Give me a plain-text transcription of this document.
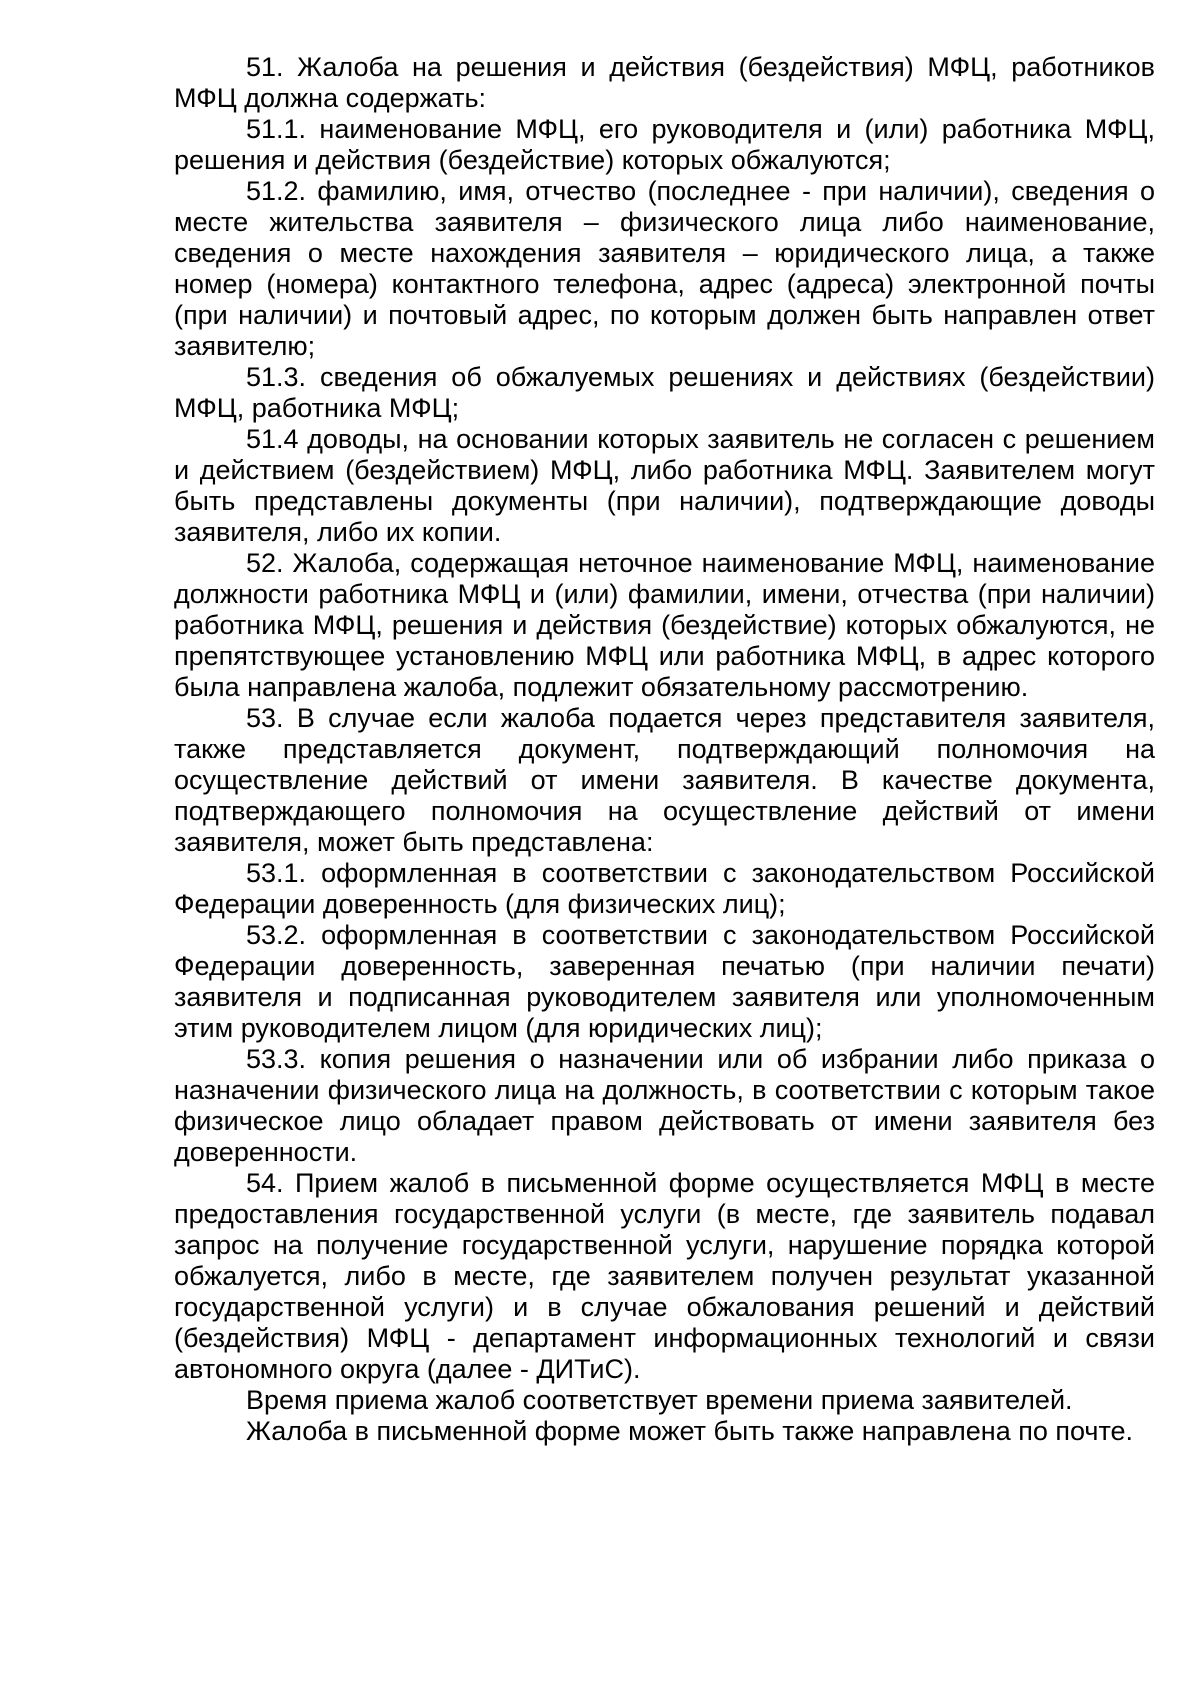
51. Жалоба на решения и действия (бездействия) МФЦ, работников МФЦ должна содержать:

51.1. наименование МФЦ, его руководителя и (или) работника МФЦ, решения и действия (бездействие) которых обжалуются;

51.2. фамилию, имя, отчество (последнее - при наличии), сведения о месте жительства заявителя – физического лица либо наименование, сведения о месте нахождения заявителя – юридического лица, а также номер (номера) контактного телефона, адрес (адреса) электронной почты (при наличии) и почтовый адрес, по которым должен быть направлен ответ заявителю;

51.3. сведения об обжалуемых решениях и действиях (бездействии) МФЦ, работника МФЦ;

51.4 доводы, на основании которых заявитель не согласен с решением и действием (бездействием) МФЦ, либо работника МФЦ. Заявителем могут быть представлены документы (при наличии), подтверждающие доводы заявителя, либо их копии.

52. Жалоба, содержащая неточное наименование МФЦ, наименование должности работника МФЦ и (или) фамилии, имени, отчества (при наличии) работника МФЦ, решения и действия (бездействие) которых обжалуются, не препятствующее установлению МФЦ или работника МФЦ, в адрес которого была направлена жалоба, подлежит обязательному рассмотрению.

53. В случае если жалоба подается через представителя заявителя, также представляется документ, подтверждающий полномочия на осуществление действий от имени заявителя. В качестве документа, подтверждающего полномочия на осуществление действий от имени заявителя, может быть представлена:

53.1. оформленная в соответствии с законодательством Российской Федерации доверенность (для физических лиц);

53.2. оформленная в соответствии с законодательством Российской Федерации доверенность, заверенная печатью (при наличии печати) заявителя и подписанная руководителем заявителя или уполномоченным этим руководителем лицом (для юридических лиц);

53.3. копия решения о назначении или об избрании либо приказа о назначении физического лица на должность, в соответствии с которым такое физическое лицо обладает правом действовать от имени заявителя без доверенности.

54. Прием жалоб в письменной форме осуществляется МФЦ в месте предоставления государственной услуги (в месте, где заявитель подавал запрос на получение государственной услуги, нарушение порядка которой обжалуется, либо в месте, где заявителем получен результат указанной государственной услуги) и в случае обжалования решений и действий (бездействия) МФЦ - департамент информационных технологий и связи автономного округа (далее - ДИТиС).

Время приема жалоб соответствует времени приема заявителей.

Жалоба в письменной форме может быть также направлена по почте.
